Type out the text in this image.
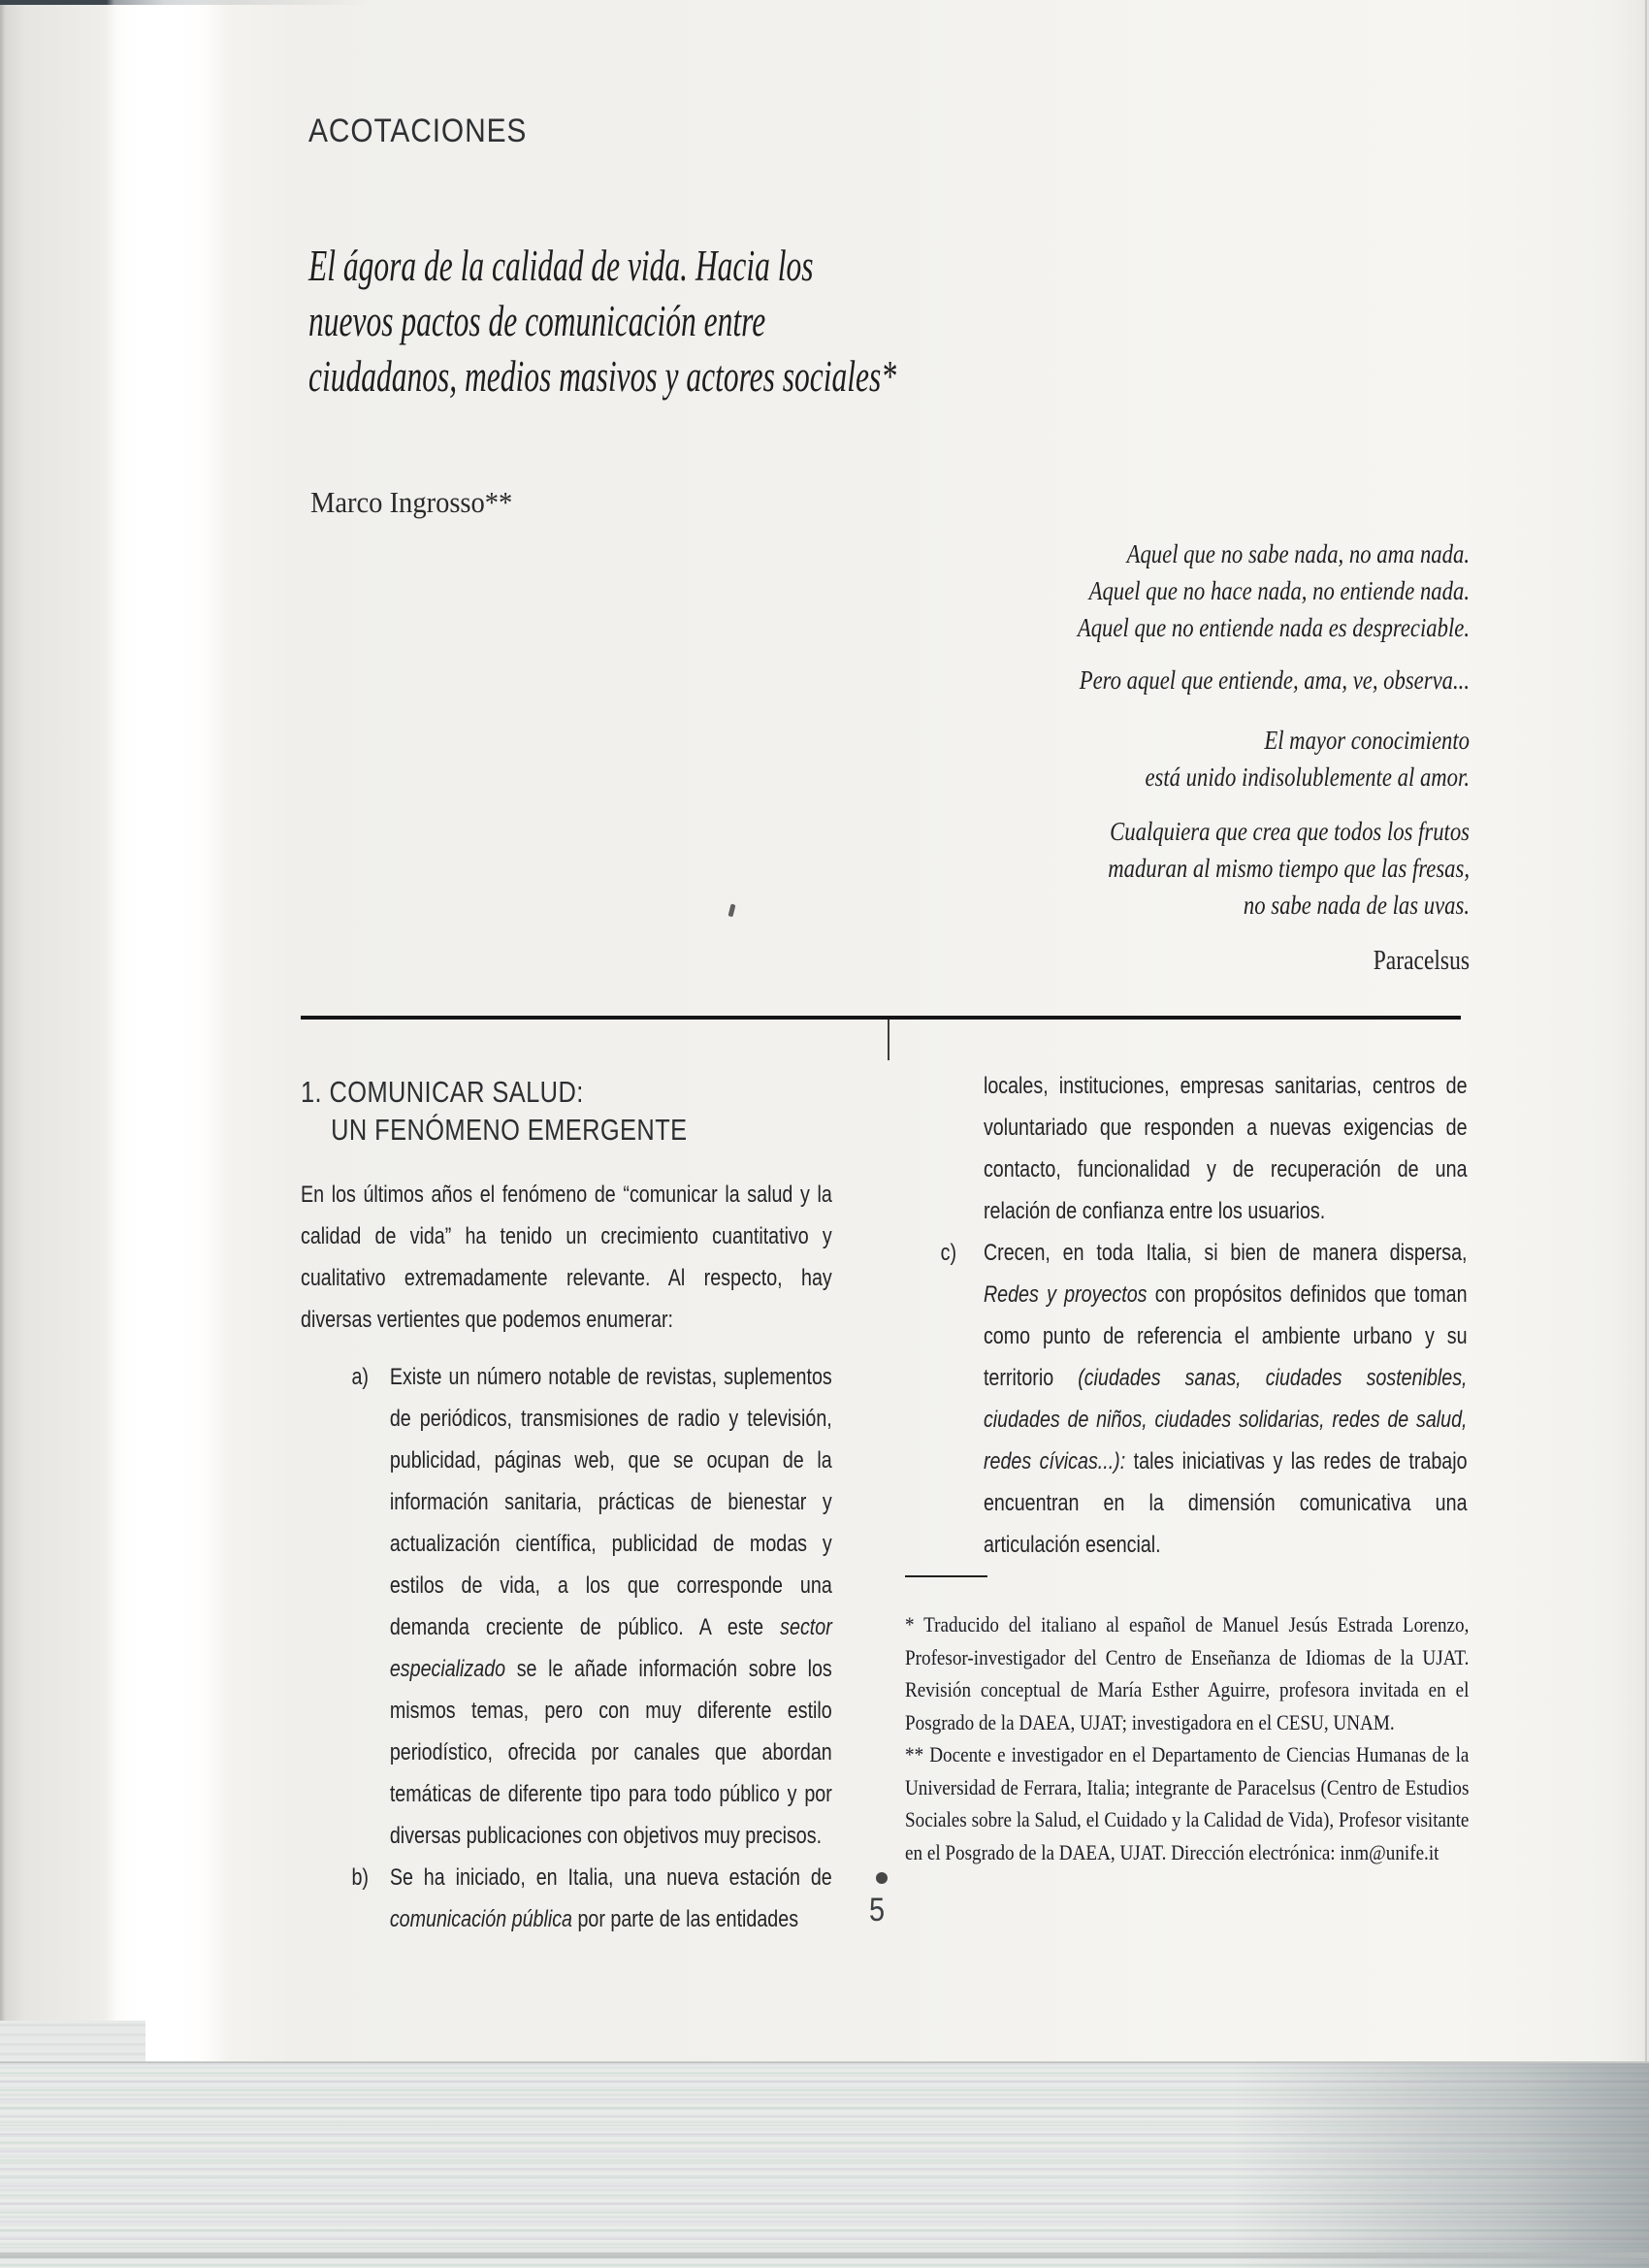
ACOTACIONES
El ágora de la calidad de vida. Hacia los
nuevos pactos de comunicación entre
ciudadanos, medios masivos y actores sociales*
Marco Ingrosso**
Aquel que no sabe nada, no ama nada.
Aquel que no hace nada, no entiende nada.
Aquel que no entiende nada es despreciable.
Pero aquel que entiende, ama, ve, observa...
El mayor conocimiento
está unido indisolublemente al amor.
Cualquiera que crea que todos los frutos
maduran al mismo tiempo que las fresas,
no sabe nada de las uvas.
Paracelsus
1. COMUNICAR SALUD:
UN FENÓMENO EMERGENTE

En los últimos años el fenómeno de “comunicar la salud y la calidad de vida” ha tenido un crecimiento cuantitativo y cualitativo extremadamente relevante. Al respecto, hay diversas vertientes que podemos enumerar:

a) Existe un número notable de revistas, suplementos de periódicos, transmisiones de radio y televisión, publicidad, páginas web, que se ocupan de la información sanitaria, prácticas de bienestar y actualización científica, publicidad de modas y estilos de vida, a los que corresponde una demanda creciente de público. A este sector especializado se le añade información sobre los mismos temas, pero con muy diferente estilo periodístico, ofrecida por canales que abordan temáticas de diferente tipo para todo público y por diversas publicaciones con objetivos muy precisos.
b) Se ha iniciado, en Italia, una nueva estación de comunicación pública por parte de las entidades

locales, instituciones, empresas sanitarias, centros de voluntariado que responden a nuevas exigencias de contacto, funcionalidad y de recuperación de una relación de confianza entre los usuarios.

c) Crecen, en toda Italia, si bien de manera dispersa, Redes y proyectos con propósitos definidos que toman como punto de referencia el ambiente urbano y su territorio (ciudades sanas, ciudades sostenibles, ciudades de niños, ciudades solidarias, redes de salud, redes cívicas...): tales iniciativas y las redes de trabajo encuentran en la dimensión comunicativa una articulación esencial.

* Traducido del italiano al español de Manuel Jesús Estrada Lorenzo, Profesor-investigador del Centro de Enseñanza de Idiomas de la UJAT. Revisión conceptual de María Esther Aguirre, profesora invitada en el Posgrado de la DAEA, UJAT; investigadora en el CESU, UNAM.

** Docente e investigador en el Departamento de Ciencias Humanas de la Universidad de Ferrara, Italia; integrante de Paracelsus (Centro de Estudios Sociales sobre la Salud, el Cuidado y la Calidad de Vida), Profesor visitante en el Posgrado de la DAEA, UJAT. Dirección electrónica: inm@unife.it

5
